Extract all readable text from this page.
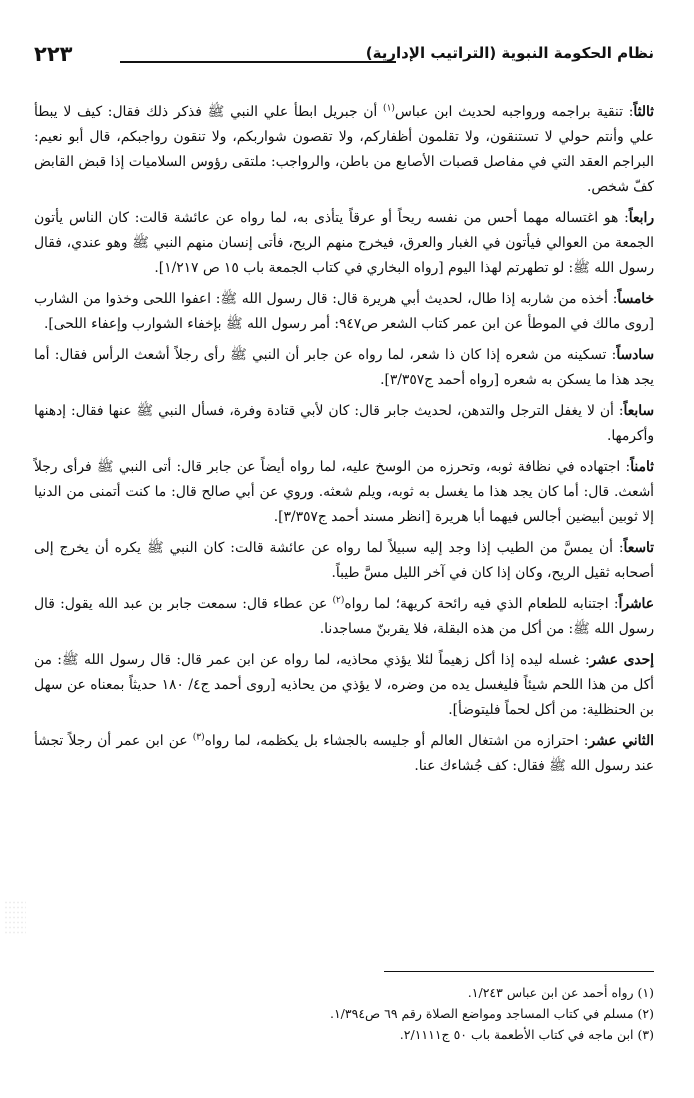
٢٢٣	نظام الحكومة النبوية (التراتيب الإدارية)

ثالثاً: تنقية براجمه ورواجبه لحديث ابن عباس$^{(١)}$ أن جبريل ابطأ علي النبي ﷺ فذكر ذلك فقال: كيف لا يبطأ علي وأنتم حولي لا تستنقون، ولا تقلمون أظفاركم، ولا تقصون شواربكم، ولا تنقون رواجبكم، قال أبو نعيم: البراجم العقد التي في مفاصل قصبات الأصابع من باطن، والرواجب: ملتقى رؤوس السلاميات إذا قبض القابض كفّ شخص.

رابعاً: هو اغتساله مهما أحس من نفسه ريحاً أو عرقاً يتأذى به، لما رواه عن عائشة قالت: كان الناس يأتون الجمعة من العوالي فيأتون في الغبار والعرق، فيخرج منهم الريح، فأتى إنسان منهم النبي ﷺ وهو عندي، فقال رسول الله ﷺ: لو تطهرتم لهذا اليوم [رواه البخاري في كتاب الجمعة باب ١٥ ص ١/٢١٧].

خامساً: أخذه من شاربه إذا طال، لحديث أبي هريرة قال: قال رسول الله ﷺ: اعفوا اللحى وخذوا من الشارب [روى مالك في الموطأ عن ابن عمر كتاب الشعر ص٩٤٧: أمر رسول الله ﷺ بإخفاء الشوارب وإعفاء اللحى].

سادساً: تسكينه من شعره إذا كان ذا شعر، لما رواه عن جابر أن النبي ﷺ رأى رجلاً أشعث الرأس فقال: أما يجد هذا ما يسكن به شعره [رواه أحمد ج٣/٣٥٧].

سابعاً: أن لا يغفل الترجل والتدهن، لحديث جابر قال: كان لأبي قتادة وفرة، فسأل النبي ﷺ عنها فقال: إدهنها وأكرمها.

ثامناً: اجتهاده في نظافة ثوبه، وتحرزه من الوسخ عليه، لما رواه أيضاً عن جابر قال: أتى النبي ﷺ فرأى رجلاً أشعث. قال: أما كان يجد هذا ما يغسل به ثوبه، ويلم شعثه. وروي عن أبي صالح قال: ما كنت أتمنى من الدنيا إلا ثوبين أبيضين أجالس فيهما أبا هريرة [انظر مسند أحمد ج٣/٣٥٧].

تاسعاً: أن يمسَّ من الطيب إذا وجد إليه سبيلاً لما رواه عن عائشة قالت: كان النبي ﷺ يكره أن يخرج إلى أصحابه ثقيل الريح، وكان إذا كان في آخر الليل مسَّ طيباً.

عاشراً: اجتنابه للطعام الذي فيه رائحة كريهة؛ لما رواه$^{(٢)}$ عن عطاء قال: سمعت جابر بن عبد الله يقول: قال رسول الله ﷺ: من أكل من هذه البقلة، فلا يقربنّ مساجدنا.

إحدى عشر: غسله ليده إذا أكل زهيماً لئلا يؤذي محاذيه، لما رواه عن ابن عمر قال: قال رسول الله ﷺ: من أكل من هذا اللحم شيئاً فليغسل يده من وضره، لا يؤذي من يحاذيه [روى أحمد ج٤/ ١٨٠ حديثاً بمعناه عن سهل بن الحنظلية: من أكل لحماً فليتوضأ].

الثاني عشر: احترازه من اشتغال العالم أو جليسه بالجشاء بل يكظمه، لما رواه$^{(٣)}$ عن ابن عمر أن رجلاً تجشأ عند رسول الله ﷺ فقال: كف جُشاءك عنا.

(١) رواه أحمد عن ابن عباس ١/٢٤٣.

(٢) مسلم في كتاب المساجد ومواضع الصلاة رقم ٦٩ ص١/٣٩٤.

(٣) ابن ماجه في كتاب الأطعمة باب ٥٠ ج٢/١١١١.
